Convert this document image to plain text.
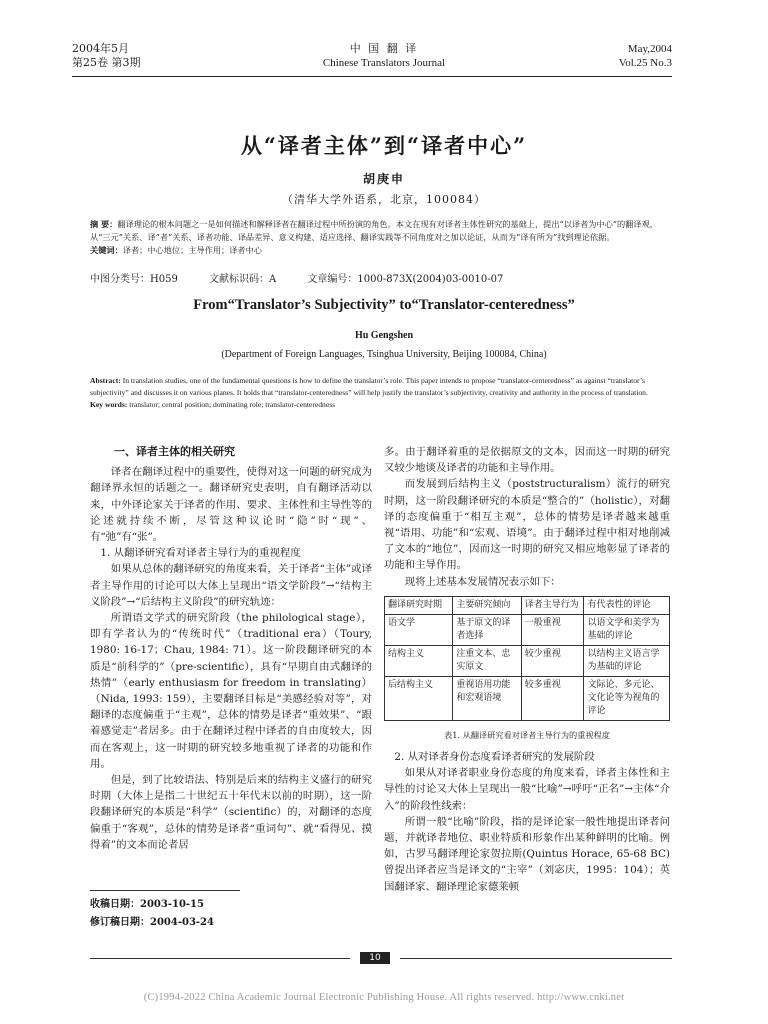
2004年5月
第25卷 第3期
中 国 翻 译
Chinese Translators Journal
May,2004
Vol.25 No.3
从“译者主体”到“译者中心”
胡庚申
（清华大学外语系，北京，100084）
摘 要：翻译理论的根本问题之一是如何描述和解释译者在翻译过程中所扮演的角色。本文在现有对译者主体性研究的基础上，提出“以译者为中心”的翻译观，从“三元”关系、译“者”关系、译者功能、译品差异、意义构建、适应选择、翻译实践等不同角度对之加以论证，从而为“译有所为”找到理论依据。
关键词：译者；中心地位；主导作用；译者中心
中图分类号：H059	文献标识码：A	文章编号：1000-873X(2004)03-0010-07
From“Translator’s Subjectivity” to“Translator-centeredness”
Hu Gengshen
(Department of Foreign Languages, Tsinghua University, Beijing 100084, China)
Abstract: In translation studies, one of the fundamental questions is how to define the translator’s role. This paper intends to propose “translator-centeredness” as against “translator’s subjectivity” and discusses it on various planes. It holds that “translator-centeredness” will help justify the translator’s subjectivity, creativity and authority in the process of translation.
Key words: translator; central position; dominating role; translator-centeredness
一、译者主体的相关研究

译者在翻译过程中的重要性，使得对这一问题的研究成为翻译界永恒的话题之一。翻译研究史表明，自有翻译活动以来，中外译论家关于译者的作用、要求、主体性和主导性等的论述就持续不断，尽管这种议论时“隐”时“现”、有“弛”有“张”。

1. 从翻译研究看对译者主导行为的重视程度

如果从总体的翻译研究的角度来看，关于译者“主体”或译者主导作用的讨论可以大体上呈现出“语文学阶段”→“结构主义阶段”→“后结构主义阶段”的研究轨迹：

所谓语文学式的研究阶段（the philological stage），即有学者认为的“传统时代”（traditional era）（Toury, 1980: 16-17；Chau, 1984: 71）。这一阶段翻译研究的本质是“前科学的”（pre-scientific），具有“早期自由式翻译的热情”（early enthusiasm for freedom in translating）（Nida, 1993: 159），主要翻译目标是“美感经验对等”，对翻译的态度偏重于“主观”，总体的情势是译者“重效果”、“跟着感觉走”者居多。由于在翻译过程中译者的自由度较大，因而在客观上，这一时期的研究较多地重视了译者的功能和作用。

但是，到了比较语法、特别是后来的结构主义盛行的研究时期（大体上是指二十世纪五十年代末以前的时期），这一阶段翻译研究的本质是“科学”（scientific）的，对翻译的态度偏重于“客观”，总体的情势是译者“重词句”、就“看得见、摸得着”的文本而论者居

多。由于翻译着重的是依据原文的文本，因而这一时期的研究又较少地谈及译者的功能和主导作用。

而发展到后结构主义（poststructuralism）流行的研究时期，这一阶段翻译研究的本质是“整合的”（holistic），对翻译的态度偏重于“相互主观”，总体的情势是译者越来越重视“语用、功能”和“宏观、语境”。由于翻译过程中相对地削减了文本的“地位”，因而这一时期的研究又相应地彰显了译者的功能和主导作用。

现将上述基本发展情况表示如下：

翻译研究时期	主要研究倾向	译者主导行为	有代表性的评论
语文学	基于原文的译者选择	一般重视	以语文学和美学为基础的评论
结构主义	注重文本、忠实原文	较少重视	以结构主义语言学为基础的评论
后结构主义	重视语用功能和宏观语境	较多重视	文际论、多元论、文化论等为视角的评论
表1. 从翻译研究看对译者主导行为的重视程度

2. 从对译者身份态度看译者研究的发展阶段

如果从对译者职业身份态度的角度来看，译者主体性和主导性的讨论又大体上呈现出一般“比喻”→呼吁“正名”→主体“介入”的阶段性线索：

所谓一般“比喻”阶段，指的是译论家一般性地提出译者问题，并就译者地位、职业特质和形象作出某种鲜明的比喻。例如，古罗马翻译理论家贺拉斯(Quintus Horace, 65-68 BC)曾提出译者应当是译文的“主宰”（刘宓庆，1995：104）；英国翻译家、翻译理论家德莱顿

收稿日期：2003-10-15
修订稿日期：2004-03-24
10
(C)1994-2022 China Academic Journal Electronic Publishing House. All rights reserved. http://www.cnki.net
